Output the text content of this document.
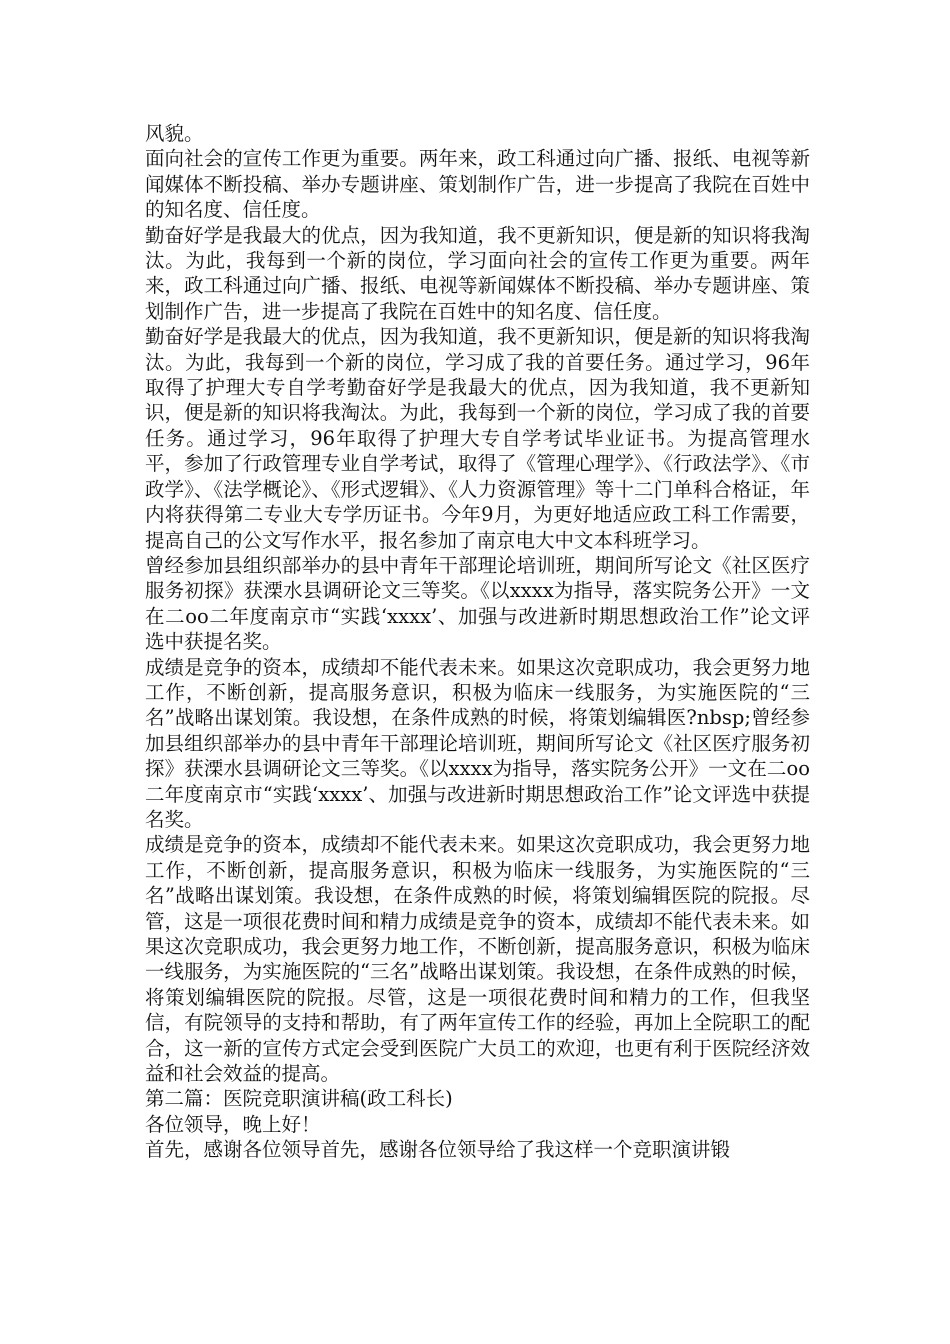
风貌。

面向社会的宣传工作更为重要。两年来，政工科通过向广播、报纸、电视等新闻媒体不断投稿、举办专题讲座、策划制作广告，进一步提高了我院在百姓中的知名度、信任度。

勤奋好学是我最大的优点，因为我知道，我不更新知识，便是新的知识将我淘汰。为此，我每到一个新的岗位，学习面向社会的宣传工作更为重要。两年来，政工科通过向广播、报纸、电视等新闻媒体不断投稿、举办专题讲座、策划制作广告，进一步提高了我院在百姓中的知名度、信任度。

勤奋好学是我最大的优点，因为我知道，我不更新知识，便是新的知识将我淘汰。为此，我每到一个新的岗位，学习成了我的首要任务。通过学习，96年取得了护理大专自学考勤奋好学是我最大的优点，因为我知道，我不更新知识，便是新的知识将我淘汰。为此，我每到一个新的岗位，学习成了我的首要任务。通过学习，96年取得了护理大专自学考试毕业证书。为提高管理水平，参加了行政管理专业自学考试，取得了《管理心理学》、《行政法学》、《市政学》、《法学概论》、《形式逻辑》、《人力资源管理》等十二门单科合格证，年内将获得第二专业大专学历证书。今年9月，为更好地适应政工科工作需要，提高自己的公文写作水平，报名参加了南京电大中文本科班学习。

曾经参加县组织部举办的县中青年干部理论培训班，期间所写论文《社区医疗服务初探》获溧水县调研论文三等奖。《以xxxx为指导，落实院务公开》一文在二oo二年度南京市“实践‘xxxx’、加强与改进新时期思想政治工作”论文评选中获提名奖。

成绩是竞争的资本，成绩却不能代表未来。如果这次竞职成功，我会更努力地工作，不断创新，提高服务意识，积极为临床一线服务，为实施医院的“三名”战略出谋划策。我设想，在条件成熟的时候，将策划编辑医?nbsp;曾经参加县组织部举办的县中青年干部理论培训班，期间所写论文《社区医疗服务初探》获溧水县调研论文三等奖。《以xxxx为指导，落实院务公开》一文在二oo二年度南京市“实践‘xxxx’、加强与改进新时期思想政治工作”论文评选中获提名奖。

成绩是竞争的资本，成绩却不能代表未来。如果这次竞职成功，我会更努力地工作，不断创新，提高服务意识，积极为临床一线服务，为实施医院的“三名”战略出谋划策。我设想，在条件成熟的时候，将策划编辑医院的院报。尽管，这是一项很花费时间和精力成绩是竞争的资本，成绩却不能代表未来。如果这次竞职成功，我会更努力地工作，不断创新，提高服务意识，积极为临床一线服务，为实施医院的“三名”战略出谋划策。我设想，在条件成熟的时候，将策划编辑医院的院报。尽管，这是一项很花费时间和精力的工作，但我坚信，有院领导的支持和帮助，有了两年宣传工作的经验，再加上全院职工的配合，这一新的宣传方式定会受到医院广大员工的欢迎，也更有利于医院经济效益和社会效益的提高。

第二篇：医院竞职演讲稿(政工科长)

各位领导，晚上好！

首先，感谢各位领导首先，感谢各位领导给了我这样一个竞职演讲锻
